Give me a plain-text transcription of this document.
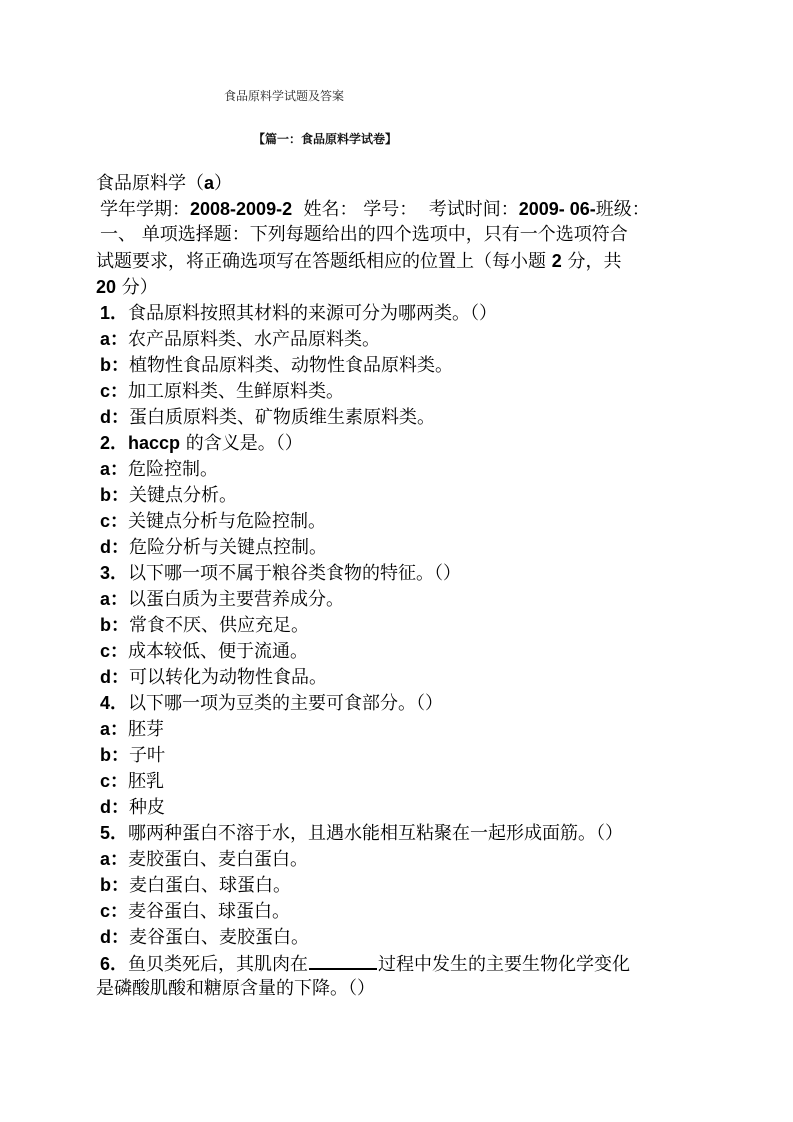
食品原料学试题及答案
【篇一：食品原料学试卷】
食品原料学（a）
学年学期：2008-2009-2 姓名： 学号： 考试时间：2009- 06-班级：
一、 单项选择题：下列每题给出的四个选项中，只有一个选项符合
试题要求，将正确选项写在答题纸相应的位置上（每小题 2 分，共
20 分）
1．食品原料按照其材料的来源可分为哪两类。（）
a：农产品原料类、水产品原料类。
b：植物性食品原料类、动物性食品原料类。
c：加工原料类、生鲜原料类。
d：蛋白质原料类、矿物质维生素原料类。
2．haccp 的含义是。（）
a：危险控制。
b：关键点分析。
c：关键点分析与危险控制。
d：危险分析与关键点控制。
3．以下哪一项不属于粮谷类食物的特征。（）
a：以蛋白质为主要营养成分。
b：常食不厌、供应充足。
c：成本较低、便于流通。
d：可以转化为动物性食品。
4．以下哪一项为豆类的主要可食部分。（）
a：胚芽
b：子叶
c：胚乳
d：种皮
5．哪两种蛋白不溶于水，且遇水能相互粘聚在一起形成面筋。（）
a：麦胶蛋白、麦白蛋白。
b：麦白蛋白、球蛋白。
c：麦谷蛋白、球蛋白。
d：麦谷蛋白、麦胶蛋白。
6．鱼贝类死后，其肌肉在	过程中发生的主要生物化学变化
是磷酸肌酸和糖原含量的下降。（）
